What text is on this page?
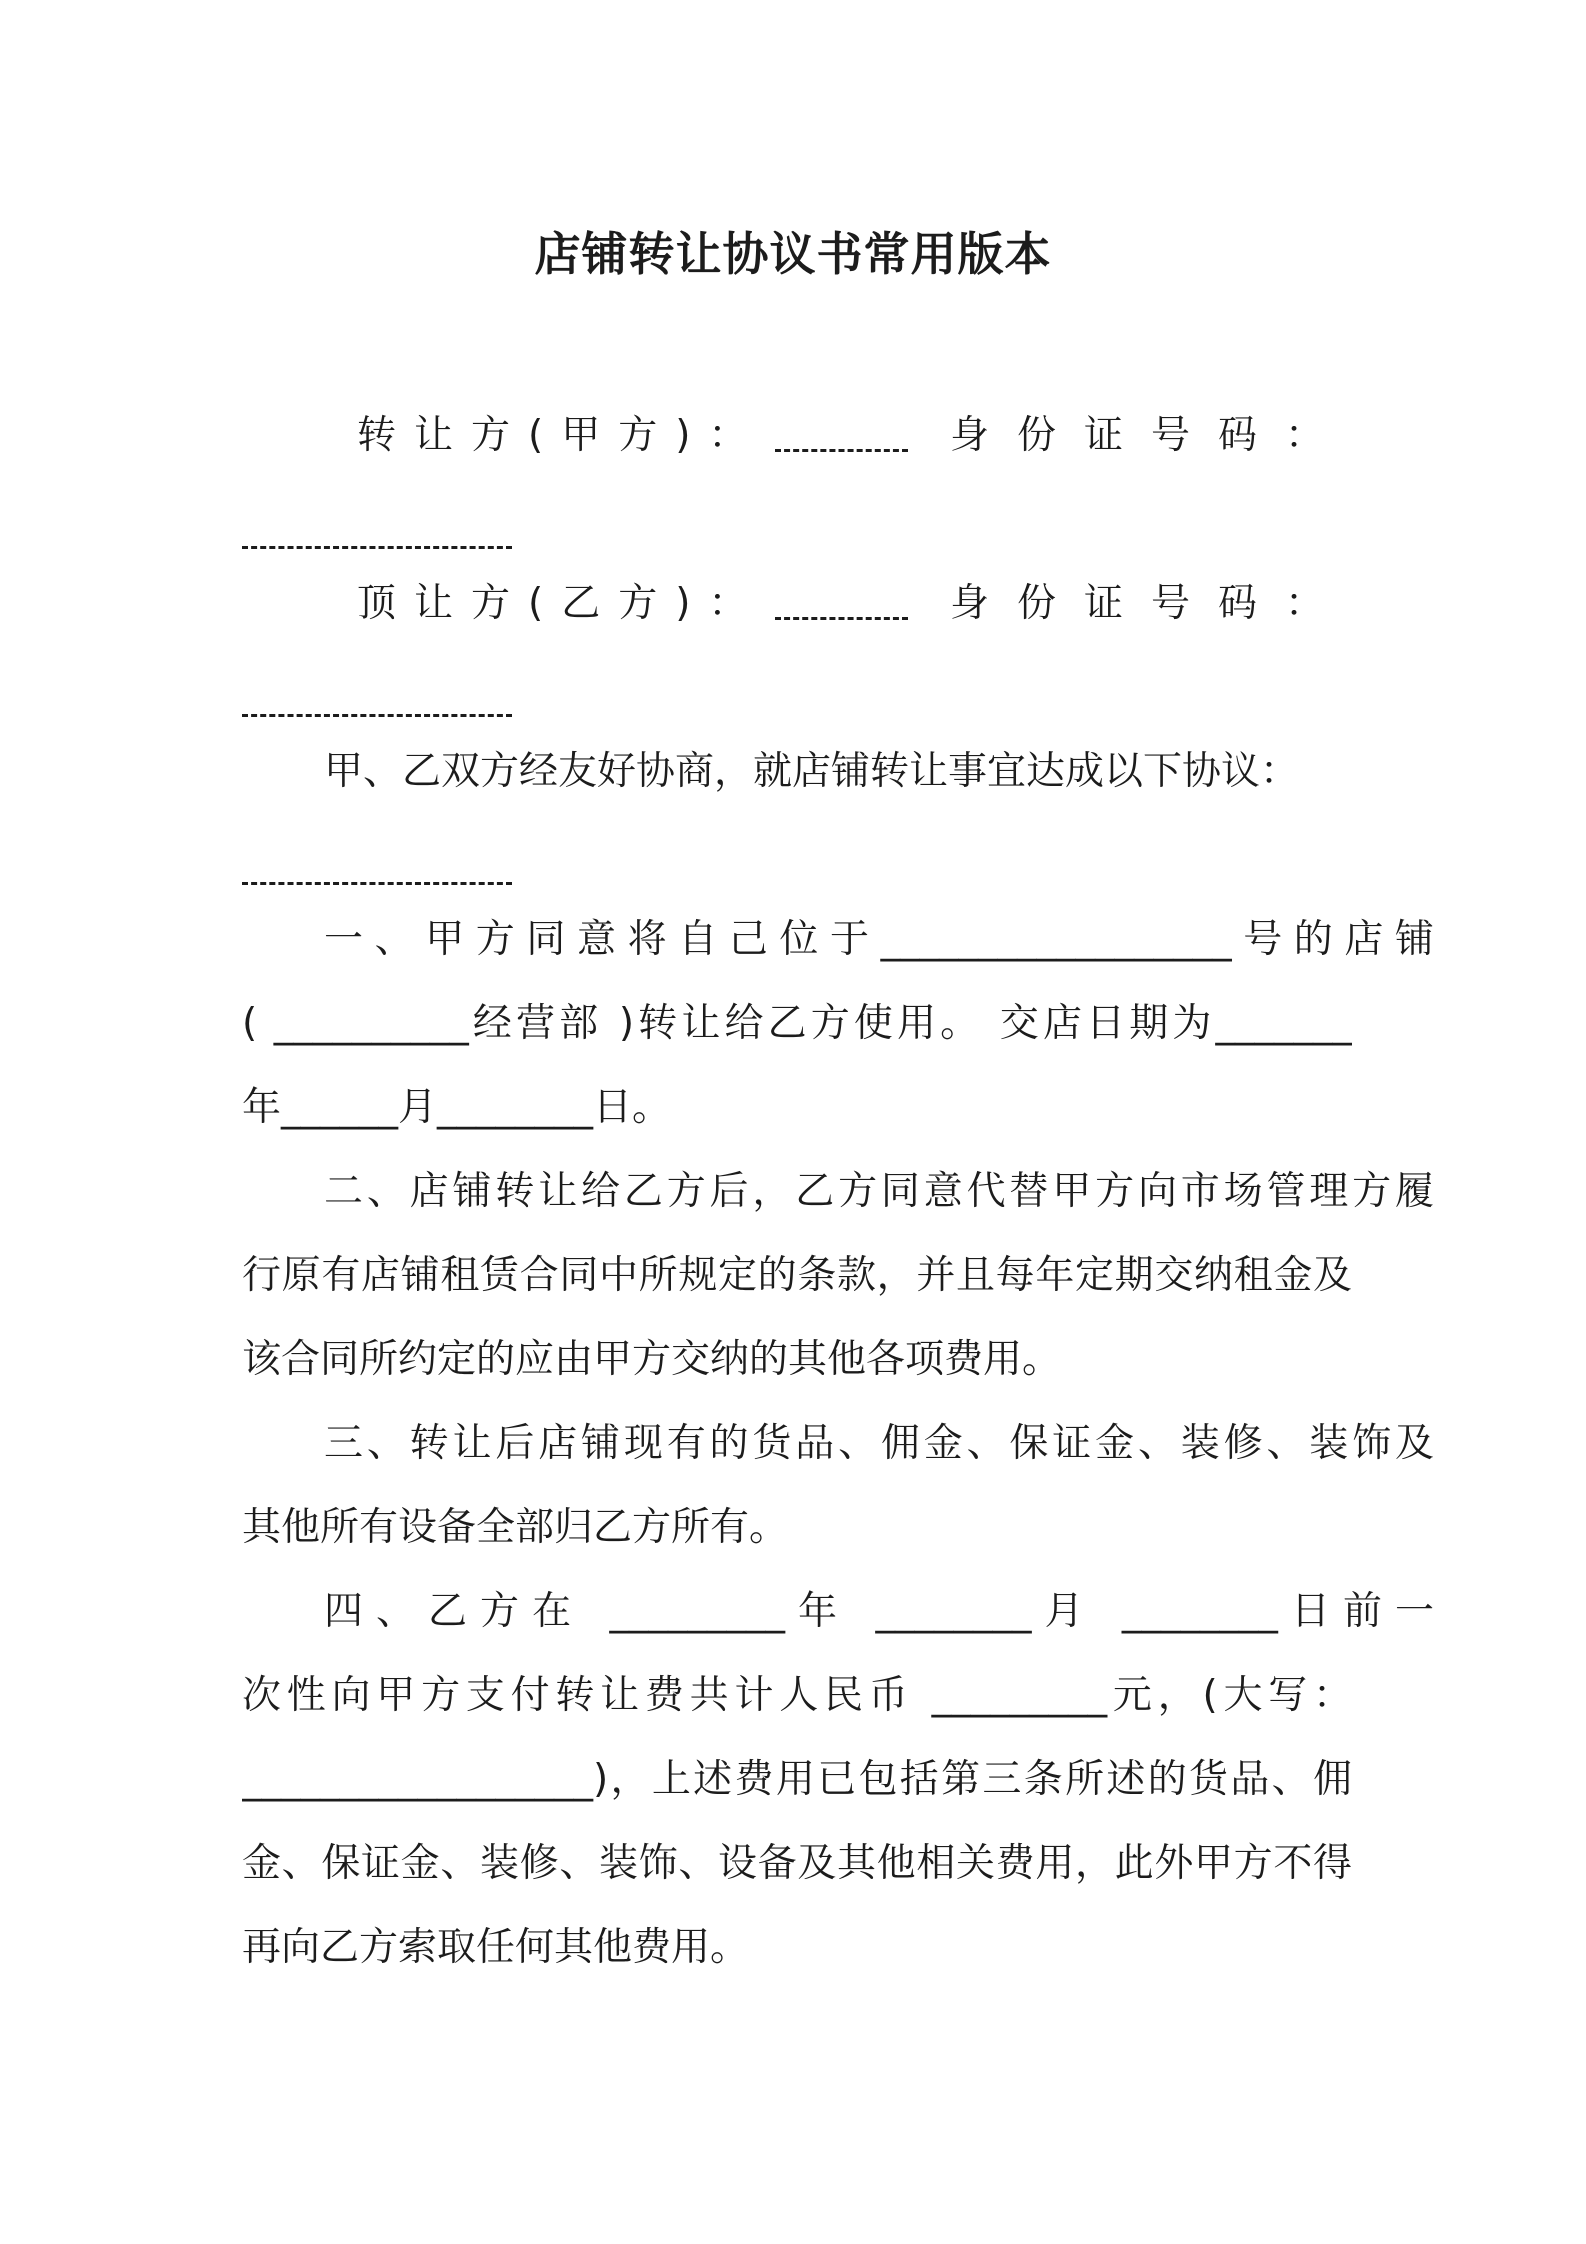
店铺转让协议书常用版本
转让方(甲方)：	身份证号码：
顶让方(乙方)：	身份证号码：
甲、乙双方经友好协商，就店铺转让事宜达成以下协议：
一、甲方同意将自己位于__________________号的店铺
( __________经营部 )转让给乙方使用。 交店日期为_______
年______月________日。
二、店铺转让给乙方后，乙方同意代替甲方向市场管理方履
行原有店铺租赁合同中所规定的条款，并且每年定期交纳租金及
该合同所约定的应由甲方交纳的其他各项费用。
三、转让后店铺现有的货品、佣金、保证金、装修、装饰及
其他所有设备全部归乙方所有。
四、乙方在 _________年 ________月 ________日前一
次性向甲方支付转让费共计人民币 _________元，(大写：
__________________)，上述费用已包括第三条所述的货品、佣
金、保证金、装修、装饰、设备及其他相关费用，此外甲方不得
再向乙方索取任何其他费用。
